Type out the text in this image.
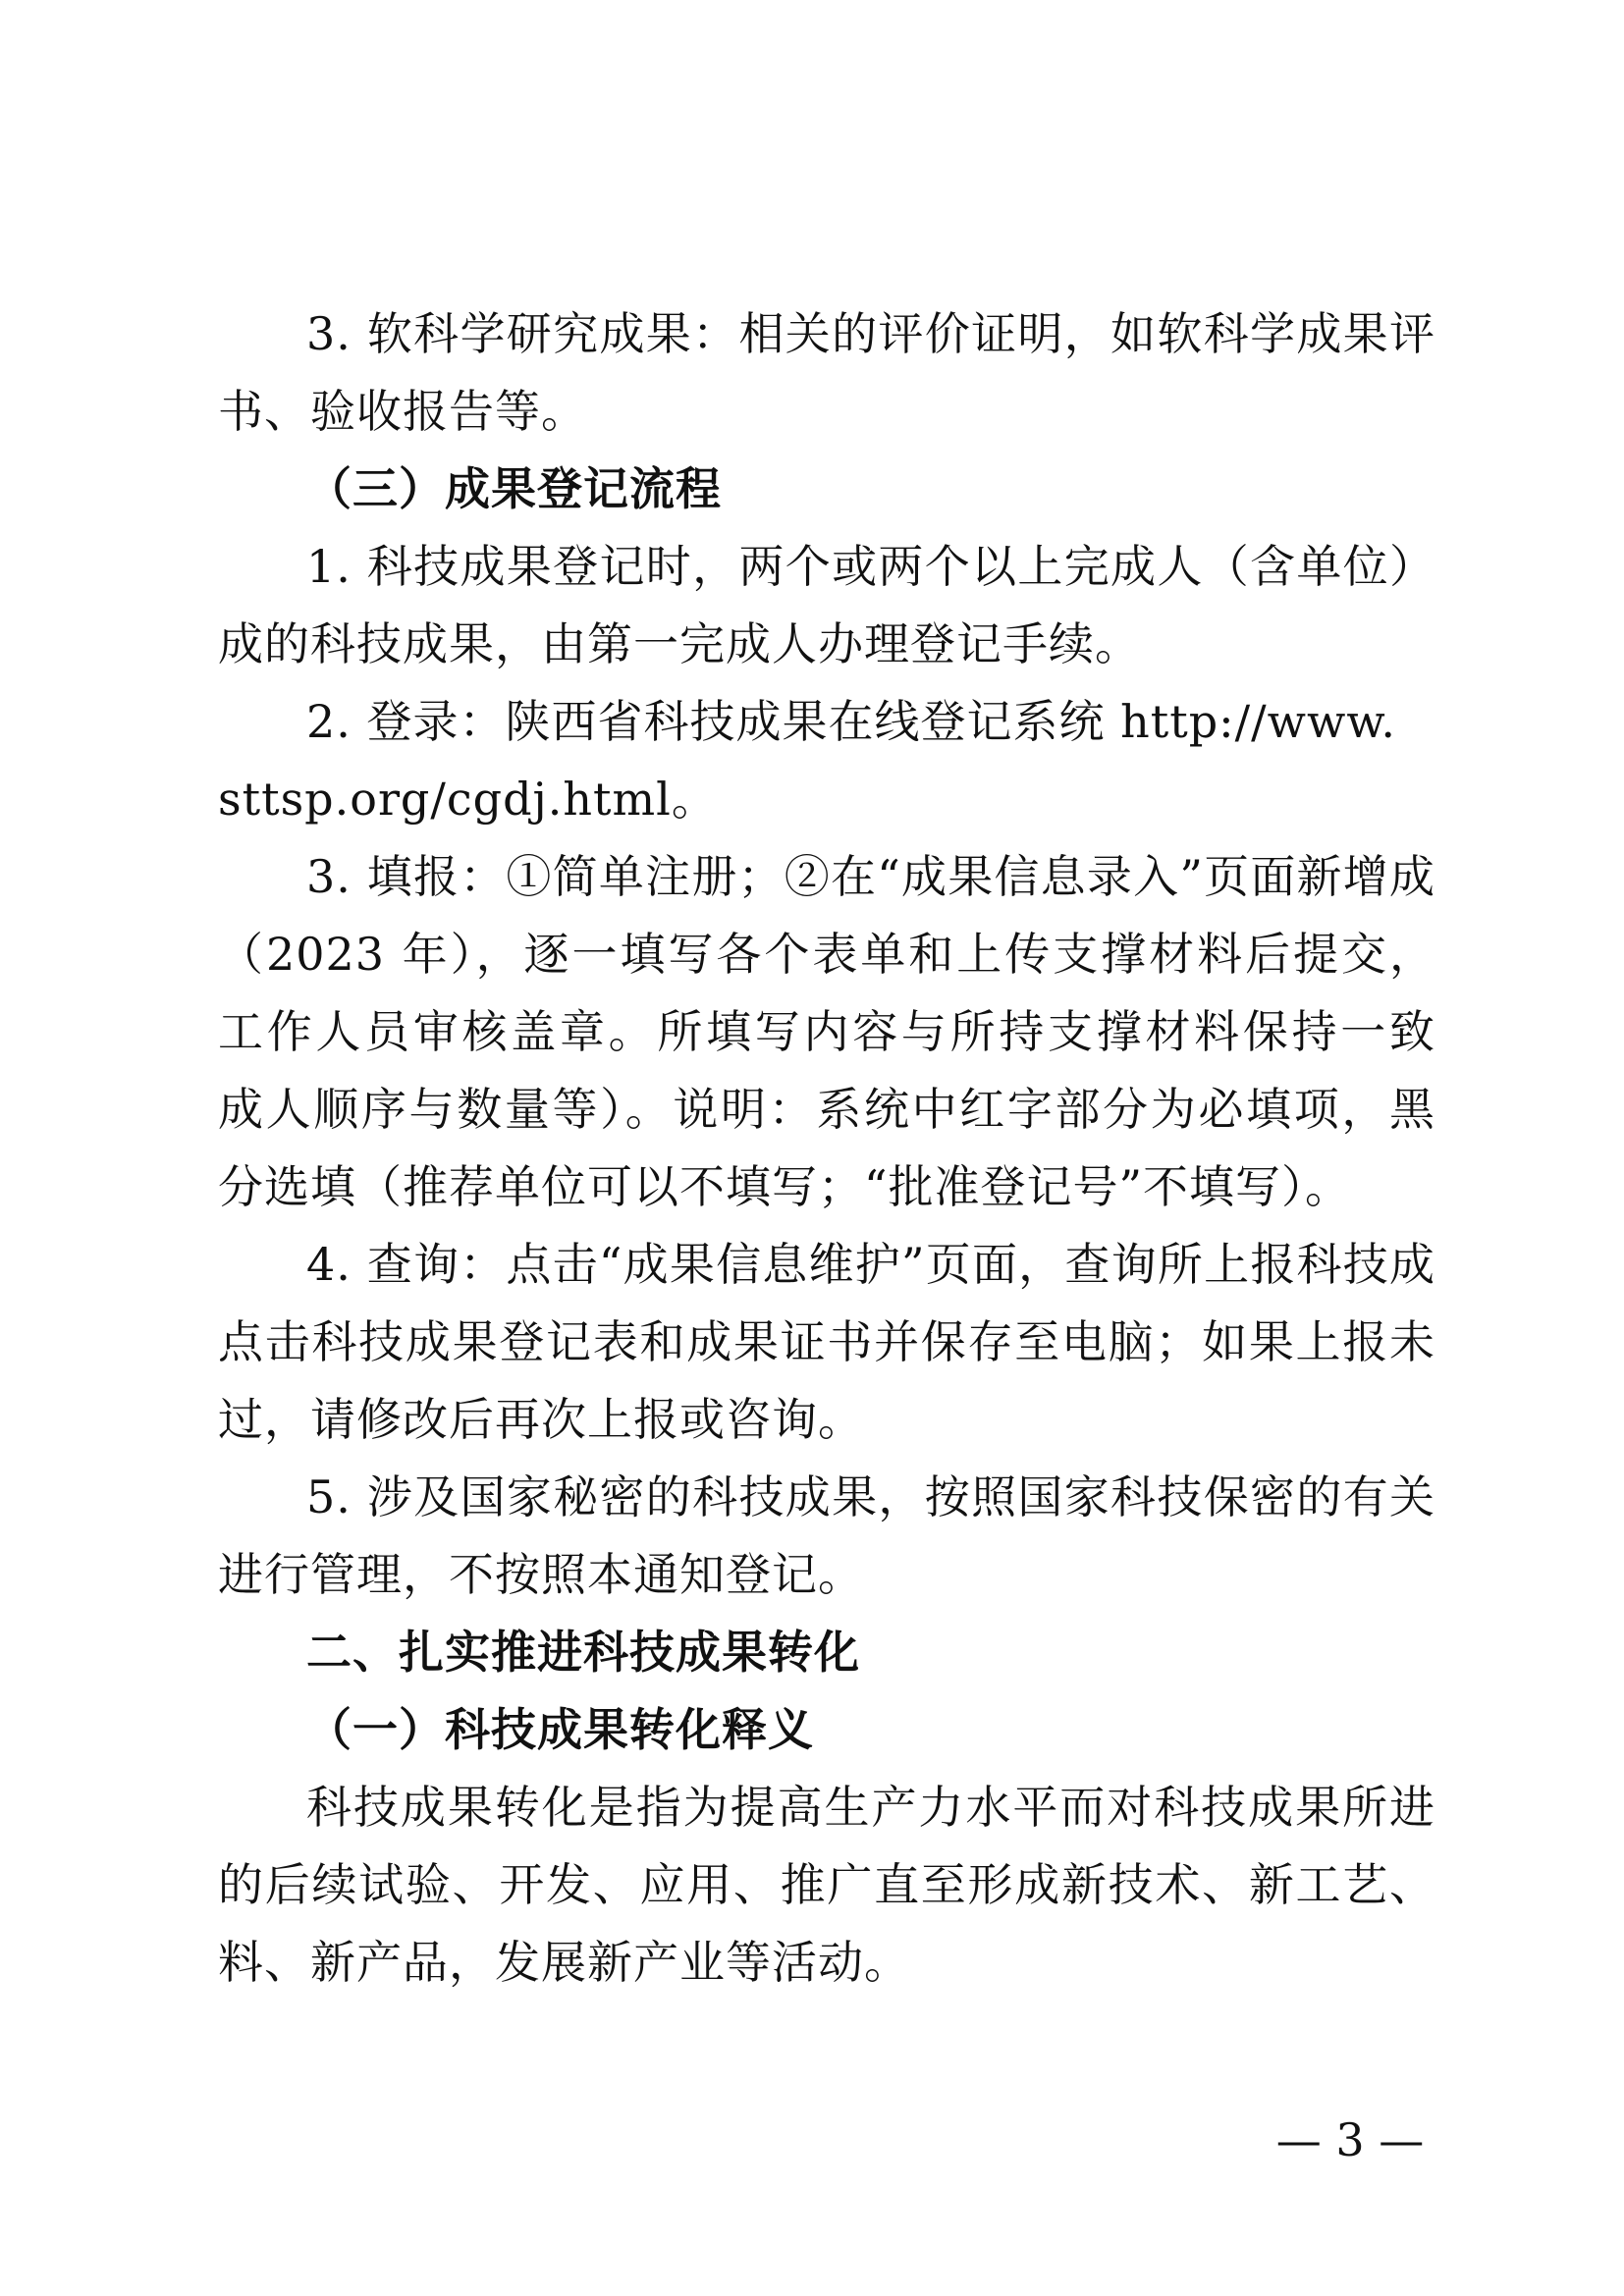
3. 软科学研究成果：相关的评价证明，如软科学成果评
书、验收报告等。
（三）成果登记流程
1. 科技成果登记时，两个或两个以上完成人（含单位）
成的科技成果，由第一完成人办理登记手续。
2. 登录：陕西省科技成果在线登记系统 http://www.
sttsp.org/cgdj.html。
3. 填报：①简单注册；②在“成果信息录入”页面新增成
（2023 年），逐一填写各个表单和上传支撑材料后提交，
工作人员审核盖章。所填写内容与所持支撑材料保持一致
成人顺序与数量等）。说明：系统中红字部分为必填项，黑
分选填（推荐单位可以不填写；“批准登记号”不填写）。
4. 查询：点击“成果信息维护”页面，查询所上报科技成
点击科技成果登记表和成果证书并保存至电脑；如果上报未
过，请修改后再次上报或咨询。
5. 涉及国家秘密的科技成果，按照国家科技保密的有关
进行管理，不按照本通知登记。
二、扎实推进科技成果转化
（一）科技成果转化释义
科技成果转化是指为提高生产力水平而对科技成果所进
的后续试验、开发、应用、推广直至形成新技术、新工艺、
料、新产品，发展新产业等活动。
— 3 —
